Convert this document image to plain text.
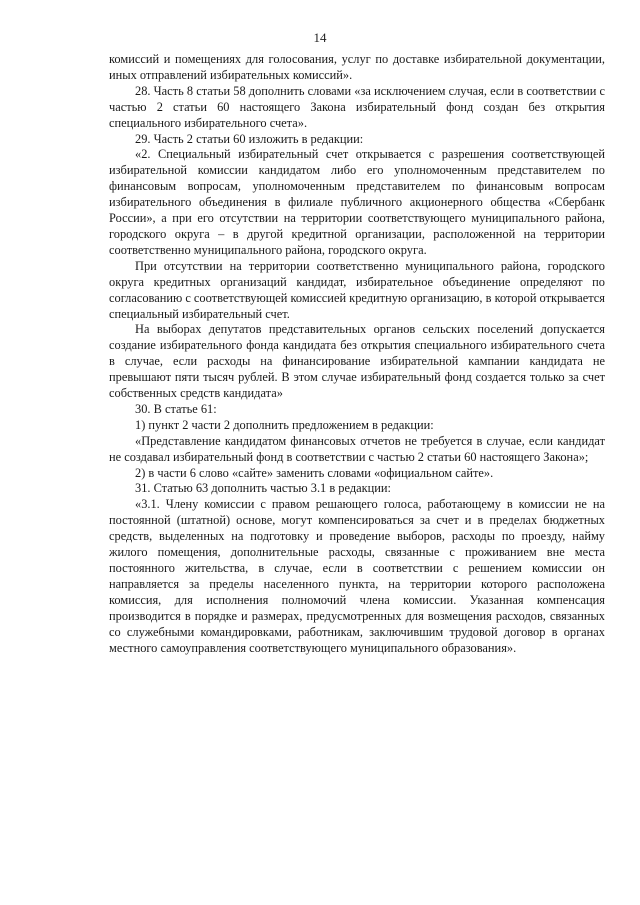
14

комиссий и помещениях для голосования, услуг по доставке избирательной документации, иных отправлений избирательных комиссий».

28. Часть 8 статьи 58 дополнить словами «за исключением случая, если в соответствии с частью 2 статьи 60 настоящего Закона избирательный фонд создан без открытия специального избирательного счета».

29. Часть 2 статьи 60 изложить в редакции:

«2. Специальный избирательный счет открывается с разрешения соответствующей избирательной комиссии кандидатом либо его уполномоченным представителем по финансовым вопросам, уполномоченным представителем по финансовым вопросам избирательного объединения в филиале публичного акционерного общества «Сбербанк России», а при его отсутствии на территории соответствующего муниципального района, городского округа – в другой кредитной организации, расположенной на территории соответственно муниципального района, городского округа.

При отсутствии на территории соответственно муниципального района, городского округа кредитных организаций кандидат, избирательное объединение определяют по согласованию с соответствующей комиссией кредитную организацию, в которой открывается специальный избирательный счет.

На выборах депутатов представительных органов сельских поселений допускается создание избирательного фонда кандидата без открытия специального избирательного счета в случае, если расходы на финансирование избирательной кампании кандидата не превышают пяти тысяч рублей. В этом случае избирательный фонд создается только за счет собственных средств кандидата»

30. В статье 61:

1) пункт 2 части 2 дополнить предложением в редакции:

«Представление кандидатом финансовых отчетов не требуется в случае, если кандидат не создавал избирательный фонд в соответствии с частью 2 статьи 60 настоящего Закона»;

2) в части 6 слово «сайте» заменить словами «официальном сайте».

31. Статью 63 дополнить частью 3.1 в редакции:

«3.1. Члену комиссии с правом решающего голоса, работающему в комиссии не на постоянной (штатной) основе, могут компенсироваться за счет и в пределах бюджетных средств, выделенных на подготовку и проведение выборов, расходы по проезду, найму жилого помещения, дополнительные расходы, связанные с проживанием вне места постоянного жительства, в случае, если в соответствии с решением комиссии он направляется за пределы населенного пункта, на территории которого расположена комиссия, для исполнения полномочий члена комиссии. Указанная компенсация производится в порядке и размерах, предусмотренных для возмещения расходов, связанных со служебными командировками, работникам, заключившим трудовой договор в органах местного самоуправления соответствующего муниципального образования».
